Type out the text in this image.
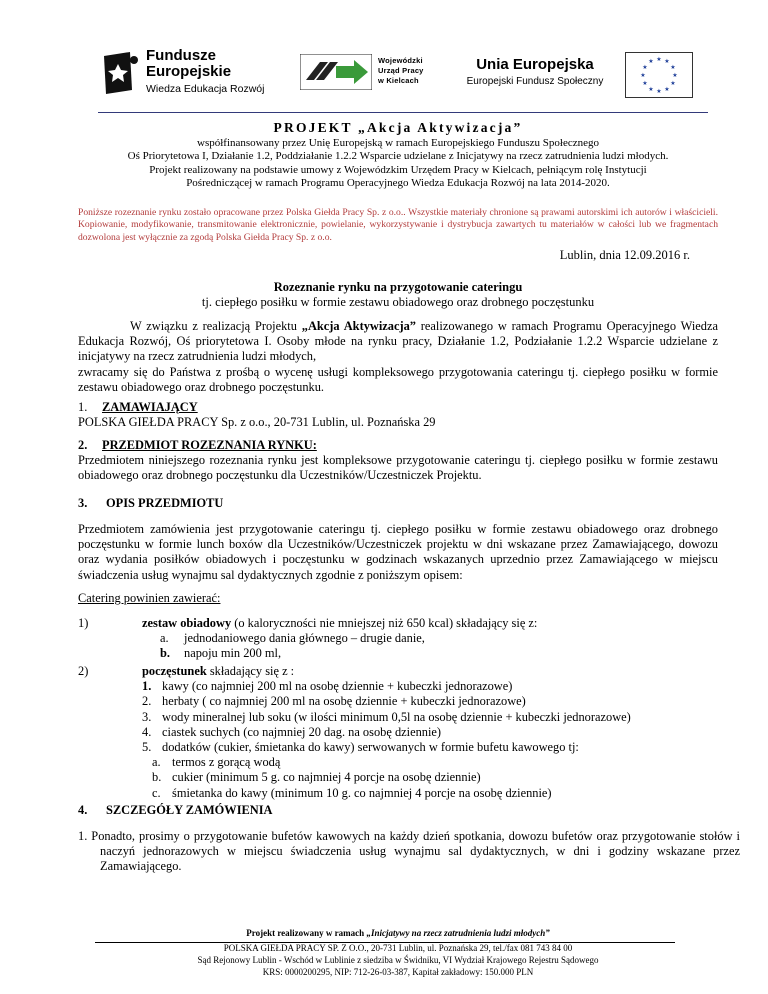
Fundusze
Europejskie
Wiedza Edukacja Rozwój
Wojewódzki
Urząd Pracy
w Kielcach
Unia Europejska
Europejski Fundusz Społeczny
★ ★
★
★
★
★
★
★
★
★
★
★
PROJEKT „Akcja Aktywizacja”
współfinansowany przez Unię Europejską w ramach Europejskiego Funduszu Społecznego
Oś Priorytetowa I, Działanie 1.2, Poddziałanie 1.2.2 Wsparcie udzielane z Inicjatywy na rzecz zatrudnienia ludzi młodych.
Projekt realizowany na podstawie umowy z Wojewódzkim Urzędem Pracy w Kielcach, pełniącym rolę Instytucji
Pośredniczącej w ramach Programu Operacyjnego Wiedza Edukacja Rozwój na lata 2014-2020.
Poniższe rozeznanie rynku zostało opracowane przez Polska Giełda Pracy Sp. z o.o.. Wszystkie materiały chronione są prawami autorskimi ich autorów i właścicieli. Kopiowanie, modyfikowanie, transmitowanie elektronicznie, powielanie, wykorzystywanie i dystrybucja zawartych tu materiałów w całości lub we fragmentach dozwolona jest wyłącznie za zgodą Polska Giełda Pracy Sp. z o.o.
Lublin, dnia 12.09.2016 r.
Rozeznanie rynku na przygotowanie cateringu
tj. ciepłego posiłku w formie zestawu obiadowego oraz drobnego poczęstunku
W związku z realizacją Projektu „Akcja Aktywizacja” realizowanego w ramach Programu Operacyjnego Wiedza Edukacja Rozwój, Oś priorytetowa I. Osoby młode na rynku pracy, Działanie 1.2, Podziałanie 1.2.2 Wsparcie udzielane z inicjatywy na rzecz zatrudnienia ludzi młodych,
zwracamy się do Państwa z prośbą o wycenę usługi kompleksowego przygotowania cateringu tj. ciepłego posiłku w formie zestawu obiadowego oraz drobnego poczęstunku.
1. ZAMAWIAJĄCY
POLSKA GIEŁDA PRACY Sp. z o.o., 20-731 Lublin, ul. Poznańska 29
2. PRZEDMIOT ROZEZNANIA RYNKU:
Przedmiotem niniejszego rozeznania rynku jest kompleksowe przygotowanie cateringu tj. ciepłego posiłku w formie zestawu obiadowego oraz drobnego poczęstunku dla Uczestników/Uczestniczek Projektu.
3. OPIS PRZEDMIOTU
Przedmiotem zamówienia jest przygotowanie cateringu tj. ciepłego posiłku w formie zestawu obiadowego oraz drobnego poczęstunku w formie lunch boxów dla Uczestników/Uczestniczek projektu w dni wskazane przez Zamawiającego, dowozu oraz wydania posiłków obiadowych i poczęstunku w godzinach wskazanych uprzednio przez Zamawiającego w miejscu świadczenia usług wynajmu sal dydaktycznych zgodnie z poniższym opisem:
Catering powinien zawierać:
1)	zestaw obiadowy (o kaloryczności nie mniejszej niż 650 kcal) składający się z:
a. jednodaniowego dania głównego – drugie danie,
b. napoju min 200 ml,
2)	poczęstunek składający się z :
1. kawy (co najmniej 200 ml na osobę dziennie + kubeczki jednorazowe)
2. herbaty ( co najmniej 200 ml na osobę dziennie + kubeczki jednorazowe)
3. wody mineralnej lub soku (w ilości minimum 0,5l na osobę dziennie + kubeczki jednorazowe)
4. ciastek suchych (co najmniej 20 dag. na osobę dziennie)
5. dodatków (cukier, śmietanka do kawy) serwowanych w formie bufetu kawowego tj:
a. termos z gorącą wodą
b. cukier (minimum 5 g. co najmniej 4 porcje na osobę dziennie)
c. śmietanka do kawy (minimum 10 g. co najmniej 4 porcje na osobę dziennie)
4. SZCZEGÓŁY ZAMÓWIENIA
1. Ponadto, prosimy o przygotowanie bufetów kawowych na każdy dzień spotkania, dowozu bufetów oraz przygotowanie stołów i naczyń jednorazowych w miejscu świadczenia usług wynajmu sal dydaktycznych, w dni i godziny wskazane przez Zamawiającego.
Projekt realizowany w ramach „Inicjatywy na rzecz zatrudnienia ludzi młodych”
POLSKA GIEŁDA PRACY SP. Z O.O., 20-731 Lublin, ul. Poznańska 29, tel./fax 081 743 84 00
Sąd Rejonowy Lublin - Wschód w Lublinie z siedziba w Świdniku, VI Wydział Krajowego Rejestru Sądowego
KRS: 0000200295, NIP: 712-26-03-387, Kapitał zakładowy: 150.000 PLN
